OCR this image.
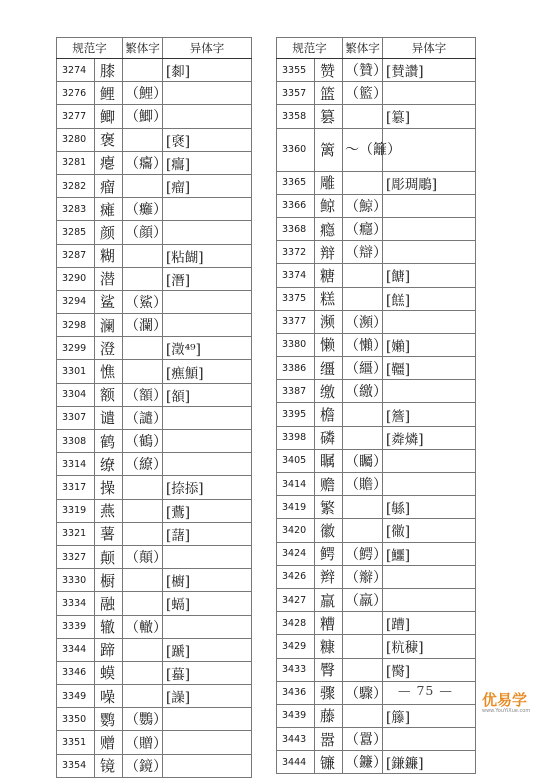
规范字		繁体字	异体字
3274	膝		[厀]
3276	鲤	（鯉）	
3277	鲫	（鯽）	
3280	褒		[褎]
3281	瘪	（癟）	[癟]
3282	瘤		[瘤]
3283	瘫	（癱）	
3285	颜	（顔）	
3287	糊		[粘餬]
3290	潜		[潛]
3294	鲨	（鯊）	
3298	澜	（瀾）	
3299	澄		[澂⁴⁹]
3301	憔		[癄顦]
3304	额	（額）	[頟]
3307	谴	（譴）	
3308	鹤	（鶴）	
3314	缭	（繚）	
3317	操		[捺掭]
3319	燕		[鷰]
3321	薯		[藷]
3327	颠	（顛）	
3330	橱		[櫥]
3334	融		[螎]
3339	辙	（轍）	
3344	蹄		[蹏]
3346	蟆		[蟇]
3349	噪		[譟]
3350	鹦	（鸚）	
3351	赠	（贈）	
3354	镜	（鏡）	
规范字		繁体字	异体字
3355	赞	（贊）	[賛讚]
3357	篮	（籃）	
3358	篡		[簒]
3360	篱	～（籬）	
3365	雕		[彫琱鵰]
3366	鲸	（鯨）	
3368	瘾	（癮）	
3372	辩	（辯）	
3374	糖		[餹]
3375	糕		[餻]
3377	濒	（瀕）	
3380	懒	（懶）	[嬾]
3386	缰	（繮）	[韁]
3387	缴	（繳）	
3395	檐		[簷]
3398	磷		[粦燐]
3405	瞩	（矚）	
3414	赡	（贍）	
3419	繁		[緐]
3420	徽		[幑]
3424	鳄	（鰐）	[鱷]
3426	辫	（辮）	
3427	羸	（羸）	
3428	糟		[蹧]
3429	糠		[粇穅]
3433	臀		[臋]
3436	骤	（驟）	
3439	藤		[籐]
3443	嚣	（囂）	
3444	镰	（鐮）	[鎌鐮]
— 75 —
优易学
www.YouYiXue.com
